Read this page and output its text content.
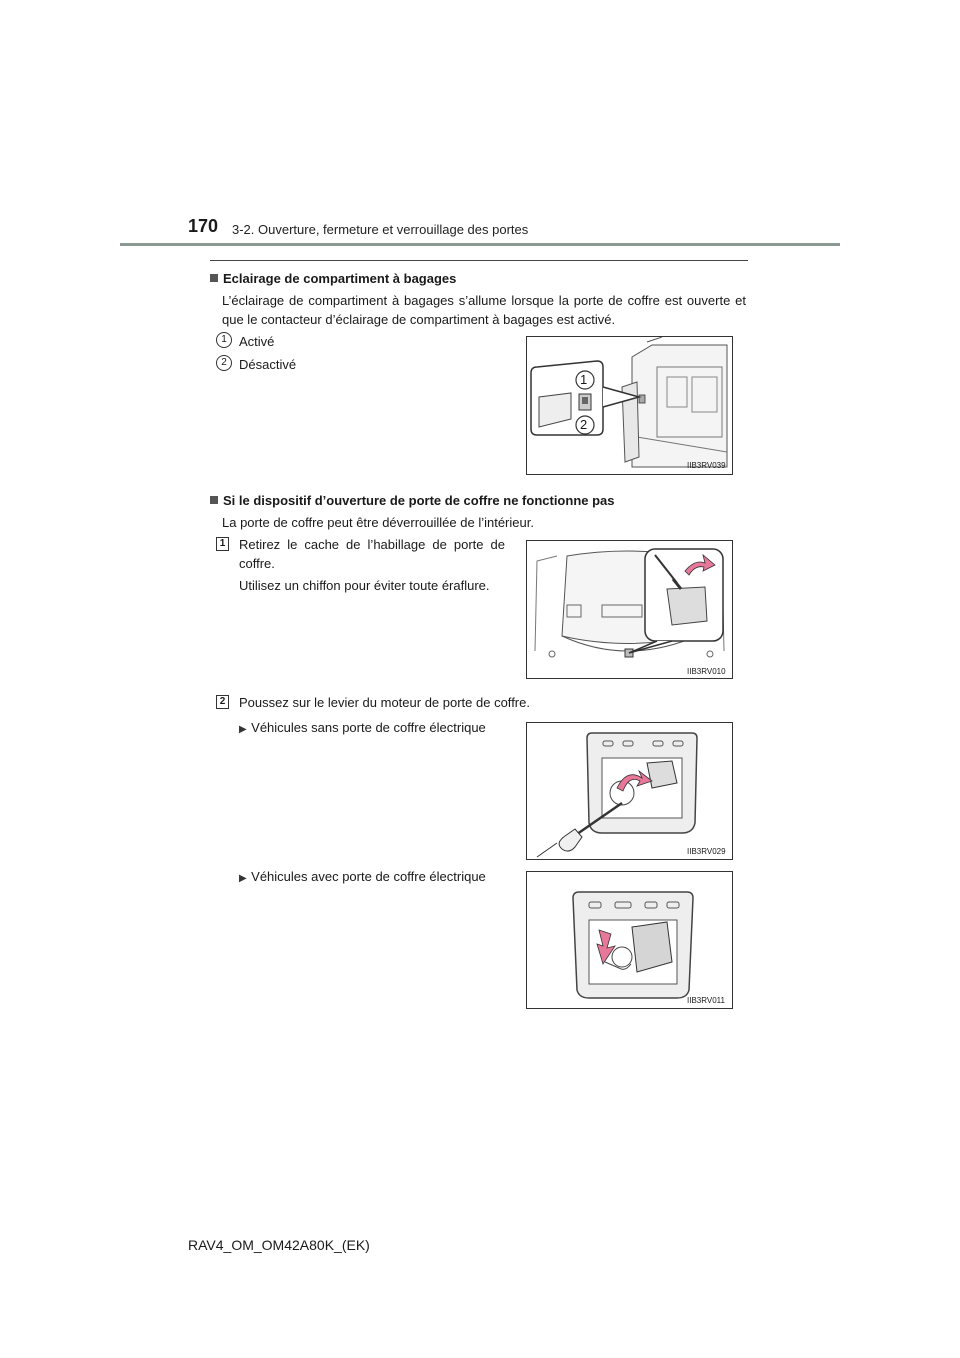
170 3-2. Ouverture, fermeture et verrouillage des portes
Eclairage de compartiment à bagages
L’éclairage de compartiment à bagages s’allume lorsque la porte de coffre est ouverte et que le contacteur d’éclairage de compartiment à bagages est activé.
1 Activé
2 Désactivé
1
2
IIB3RV039
Si le dispositif d’ouverture de porte de coffre ne fonctionne pas
La porte de coffre peut être déverrouillée de l’intérieur.
1 Retirez le cache de l’habillage de porte de coffre.
Utilisez un chiffon pour éviter toute éraflure.
IIB3RV010
2 Poussez sur le levier du moteur de porte de coffre.
▶ Véhicules sans porte de coffre électrique
IIB3RV029
▶ Véhicules avec porte de coffre électrique
IIB3RV011
RAV4_OM_OM42A80K_(EK)
